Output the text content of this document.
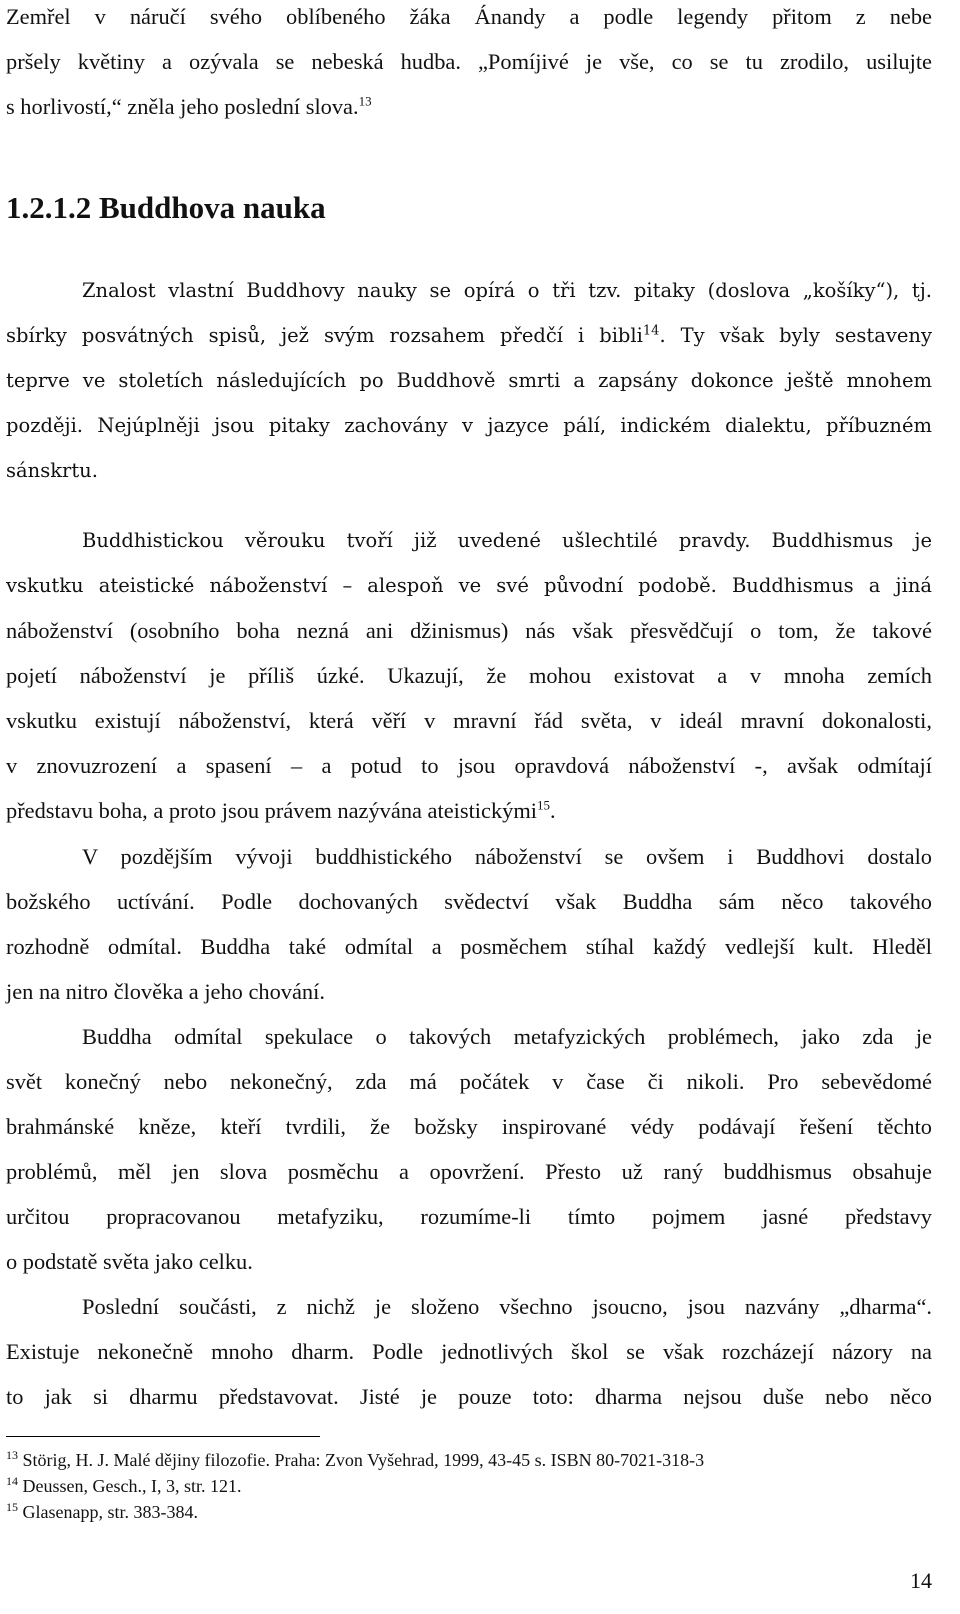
Zemřel v náručí svého oblíbeného žáka Ánandy a podle legendy přitom z nebe
pršely květiny a ozývala se nebeská hudba. „Pomíjivé je vše, co se tu zrodilo, usilujte
s horlivostí,“ zněla jeho poslední slova.$^{13}$
1.2.1.2 Buddhova nauka
Znalost vlastní Buddhovy nauky se opírá o tři tzv. pitaky (doslova „košíky“), tj.
sbírky posvátných spisů, jež svým rozsahem předčí i bibli$^{14}$. Ty však byly sestaveny
teprve ve stoletích následujících po Buddhově smrti a zapsány dokonce ještě mnohem
později. Nejúplněji jsou pitaky zachovány v jazyce pálí, indickém dialektu, příbuzném
sánskrtu.
Buddhistickou věrouku tvoří již uvedené ušlechtilé pravdy. Buddhismus je
vskutku ateistické náboženství – alespoň ve své původní podobě. Buddhismus a jiná
náboženství (osobního boha nezná ani džinismus) nás však přesvědčují o tom, že takové
pojetí náboženství je příliš úzké. Ukazují, že mohou existovat a v mnoha zemích
vskutku existují náboženství, která věří v mravní řád světa, v ideál mravní dokonalosti,
v znovuzrození a spasení – a potud to jsou opravdová náboženství -, avšak odmítají
představu boha, a proto jsou právem nazývána ateistickými$^{15}$.
V pozdějším vývoji buddhistického náboženství se ovšem i Buddhovi dostalo
božského uctívání. Podle dochovaných svědectví však Buddha sám něco takového
rozhodně odmítal. Buddha také odmítal a posměchem stíhal každý vedlejší kult. Hleděl
jen na nitro člověka a jeho chování.
Buddha odmítal spekulace o takových metafyzických problémech, jako zda je
svět konečný nebo nekonečný, zda má počátek v čase či nikoli. Pro sebevědomé
brahmánské kněze, kteří tvrdili, že božsky inspirované védy podávají řešení těchto
problémů, měl jen slova posměchu a opovržení. Přesto už raný buddhismus obsahuje
určitou propracovanou metafyziku, rozumíme-li tímto pojmem jasné představy
o podstatě světa jako celku.
Poslední součásti, z nichž je složeno všechno jsoucno, jsou nazvány „dharma“.
Existuje nekonečně mnoho dharm. Podle jednotlivých škol se však rozcházejí názory na
to jak si dharmu představovat. Jisté je pouze toto: dharma nejsou duše nebo něco
$^{13}$ Störig, H. J. Malé dějiny filozofie. Praha: Zvon Vyšehrad, 1999, 43-45 s. ISBN 80-7021-318-3
$^{14}$ Deussen, Gesch., I, 3, str. 121.
$^{15}$ Glasenapp, str. 383-384.
14
